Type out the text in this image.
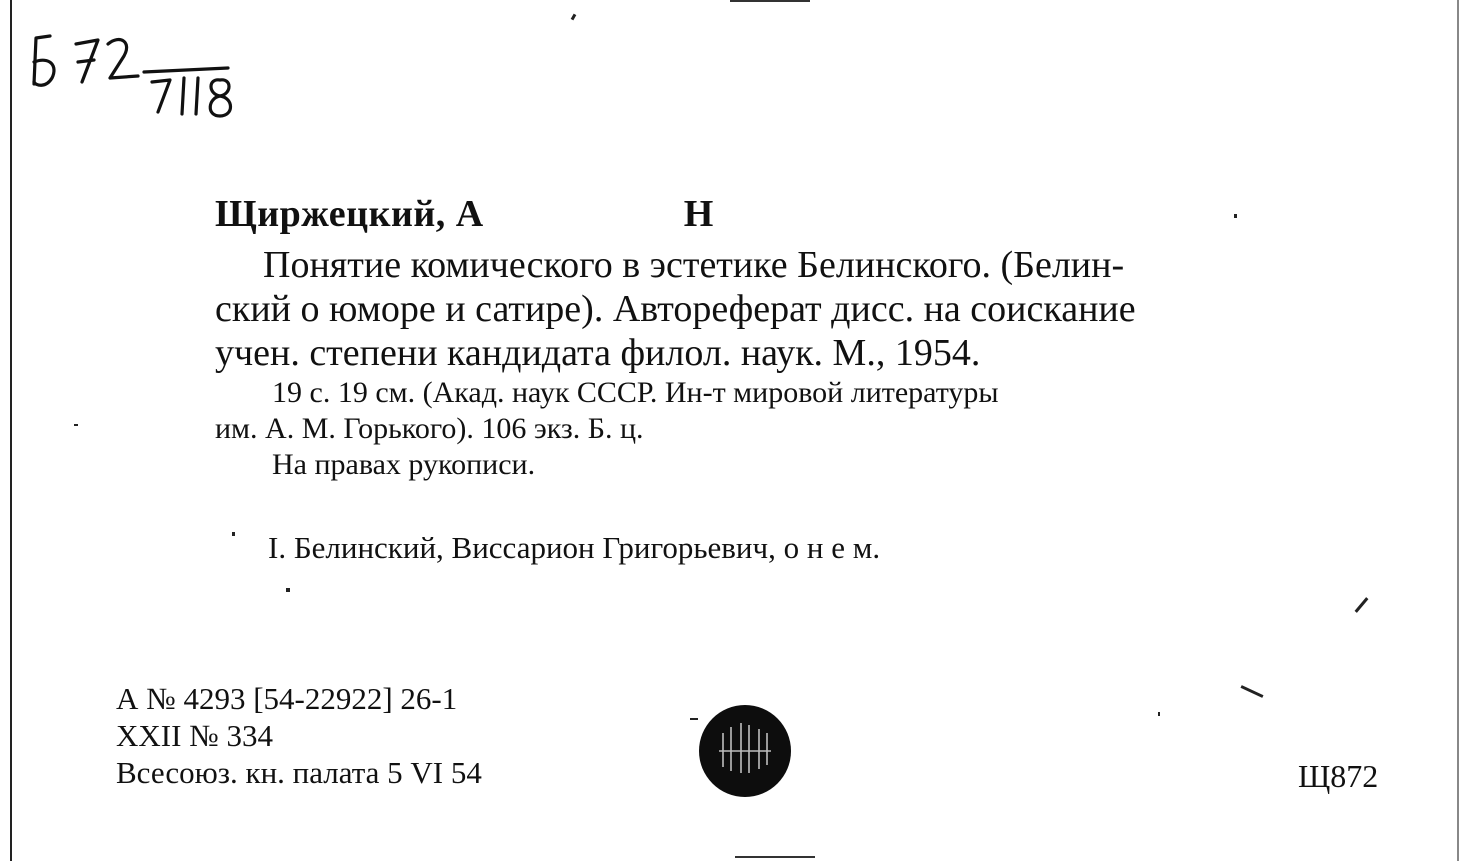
Щиржецкий, А	Н
Понятие комического в эстетике Белинского. (Белин-
ский о юморе и сатире). Автореферат дисс. на соискание
учен. степени кандидата филол. наук. М., 1954.
19 с. 19 см. (Акад. наук СССР. Ин-т мировой литературы
им. А. М. Горького). 106 экз. Б. ц.
На правах рукописи.
I. Белинский, Виссарион Григорьевич, о н е м.
А № 4293 [54-22922] 26-1
XXII № 334
Всесоюз. кн. палата 5 VI 54	Щ872
